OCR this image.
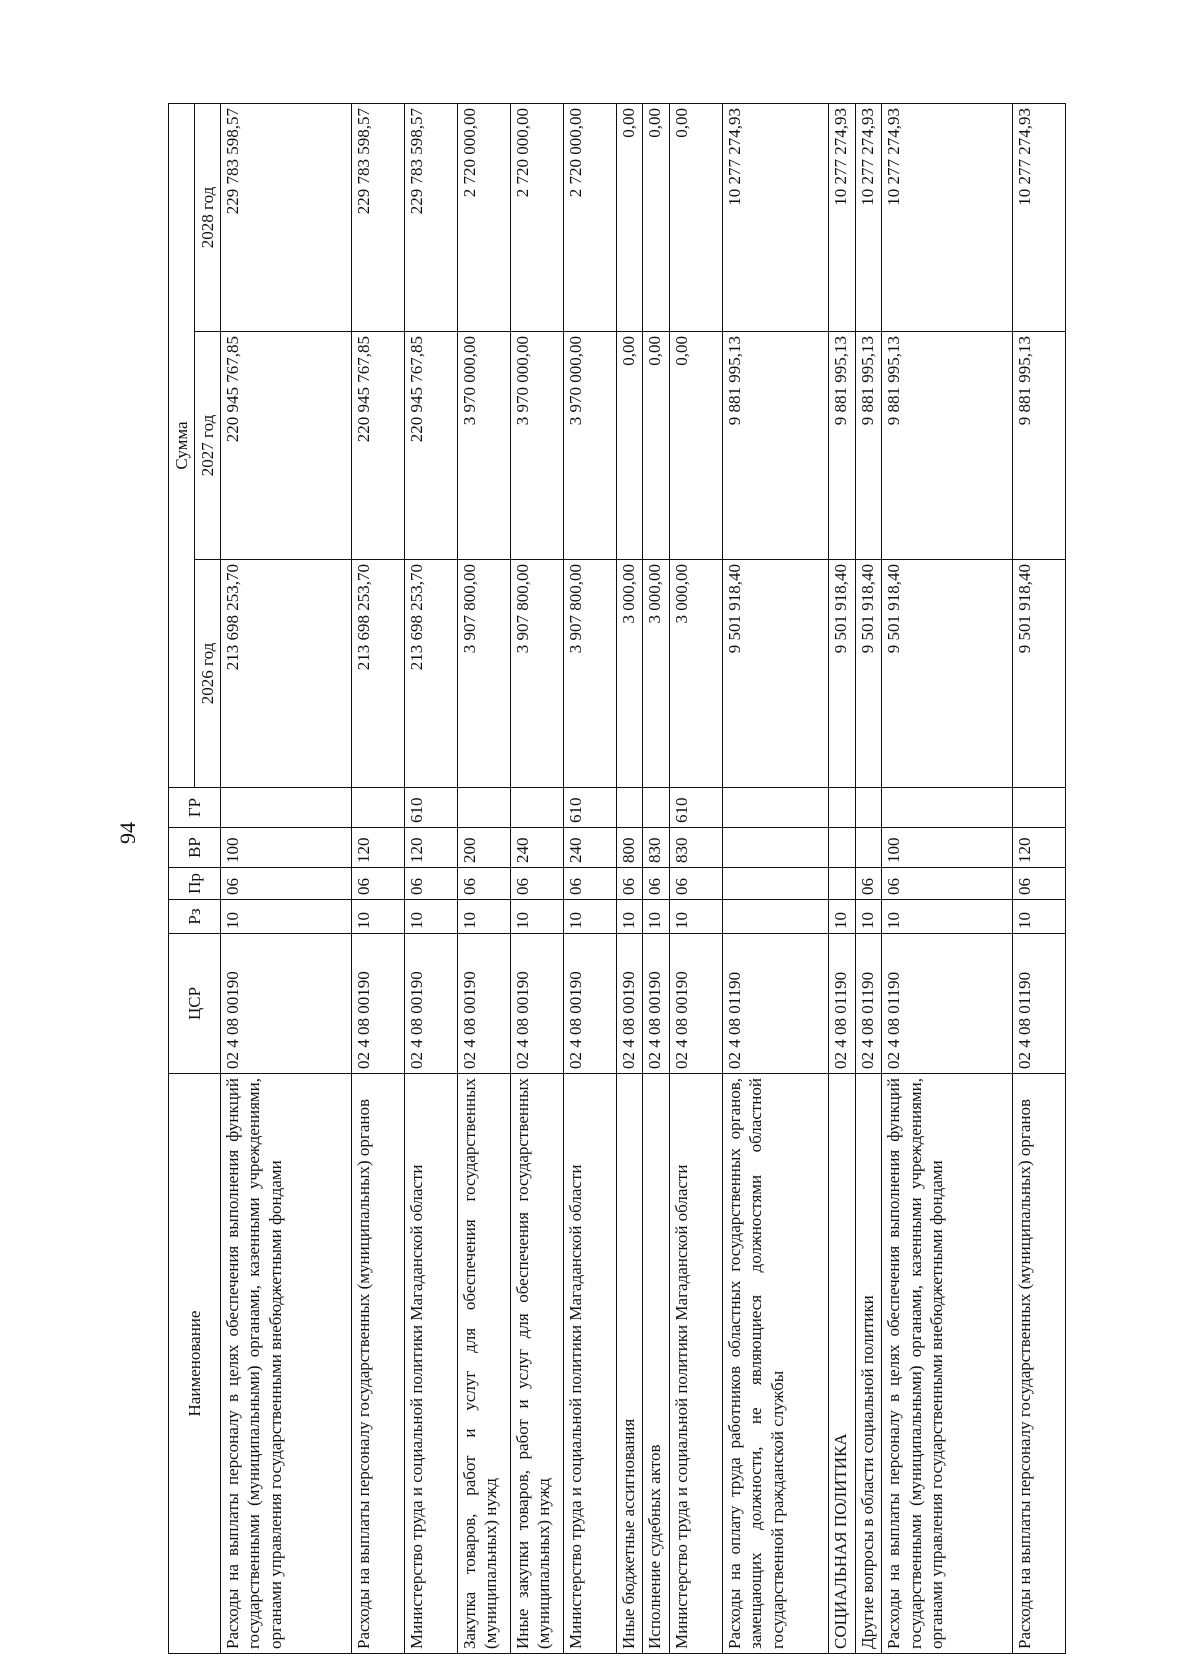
94
Наименование	ЦСР	Рз	Пр	ВР	ГР	Сумма		
						2026 год	2027 год	2028 год
Расходы на выплаты персоналу в целях обеспечения выполнения функций государственными (муниципальными) органами, казенными учреждениями, органами управления государственными внебюджетными фондами	02 4 08 00190	10	06	100		213 698 253,70	220 945 767,85	229 783 598,57
Расходы на выплаты персоналу государственных (муниципальных) органов	02 4 08 00190	10	06	120		213 698 253,70	220 945 767,85	229 783 598,57
Министерство труда и социальной политики Магаданской области	02 4 08 00190	10	06	120	610	213 698 253,70	220 945 767,85	229 783 598,57
Закупка товаров, работ и услуг для обеспечения государственных (муниципальных) нужд	02 4 08 00190	10	06	200		3 907 800,00	3 970 000,00	2 720 000,00
Иные закупки товаров, работ и услуг для обеспечения государственных (муниципальных) нужд	02 4 08 00190	10	06	240		3 907 800,00	3 970 000,00	2 720 000,00
Министерство труда и социальной политики Магаданской области	02 4 08 00190	10	06	240	610	3 907 800,00	3 970 000,00	2 720 000,00
Иные бюджетные ассигнования	02 4 08 00190	10	06	800		3 000,00	0,00	0,00
Исполнение судебных актов	02 4 08 00190	10	06	830		3 000,00	0,00	0,00
Министерство труда и социальной политики Магаданской области	02 4 08 00190	10	06	830	610	3 000,00	0,00	0,00
Расходы на оплату труда работников областных государственных органов, замещающих должности, не являющиеся должностями областной государственной гражданской службы	02 4 08 01190					9 501 918,40	9 881 995,13	10 277 274,93
СОЦИАЛЬНАЯ ПОЛИТИКА	02 4 08 01190	10				9 501 918,40	9 881 995,13	10 277 274,93
Другие вопросы в области социальной политики	02 4 08 01190	10	06			9 501 918,40	9 881 995,13	10 277 274,93
Расходы на выплаты персоналу в целях обеспечения выполнения функций государственными (муниципальными) органами, казенными учреждениями, органами управления государственными внебюджетными фондами	02 4 08 01190	10	06	100		9 501 918,40	9 881 995,13	10 277 274,93
Расходы на выплаты персоналу государственных (муниципальных) органов	02 4 08 01190	10	06	120		9 501 918,40	9 881 995,13	10 277 274,93
